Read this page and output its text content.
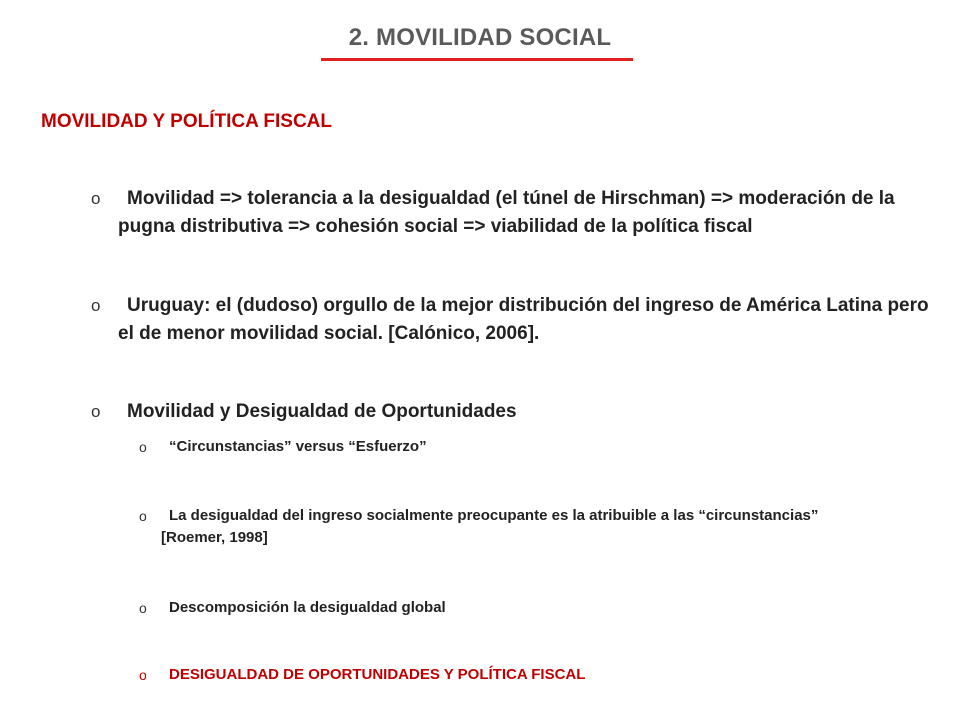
2. MOVILIDAD SOCIAL
MOVILIDAD Y POLÍTICA FISCAL
o	Movilidad => tolerancia a la desigualdad (el túnel de Hirschman) => moderación de la pugna distributiva => cohesión social => viabilidad de la política fiscal
o	Uruguay: el (dudoso) orgullo de la mejor distribución del ingreso de América Latina pero el de menor movilidad social. [Calónico, 2006].
o	Movilidad y Desigualdad de Oportunidades
o	“Circunstancias” versus “Esfuerzo”
o	La desigualdad del ingreso socialmente preocupante es la atribuible a las “circunstancias” [Roemer, 1998]
o	Descomposición la desigualdad global
o	DESIGUALDAD DE OPORTUNIDADES Y POLÍTICA FISCAL
